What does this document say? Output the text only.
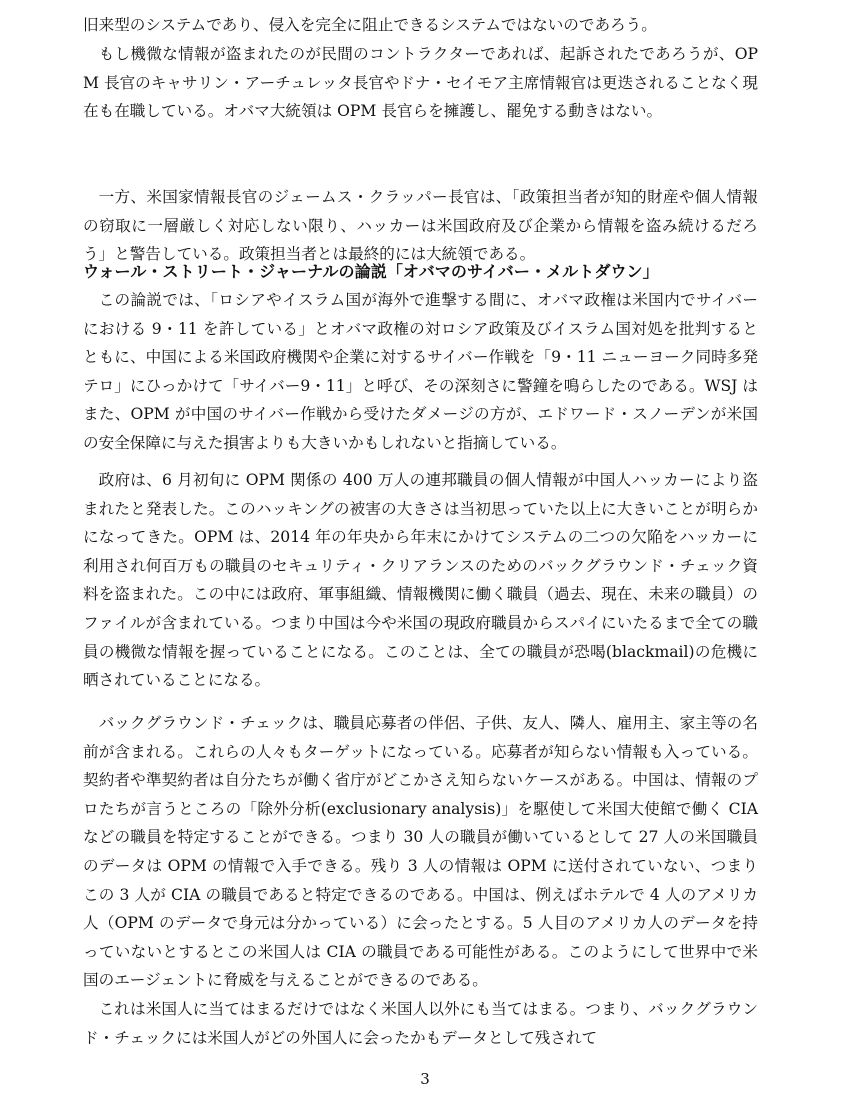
旧来型のシステムであり、侵入を完全に阻止できるシステムではないのであろう。

もし機微な情報が盗まれたのが民間のコントラクターであれば、起訴されたであろうが、OPM 長官のキャサリン・アーチュレッタ長官やドナ・セイモア主席情報官は更迭されることなく現在も在職している。オバマ大統領は OPM 長官らを擁護し、罷免する動きはない。

一方、米国家情報長官のジェームス・クラッパー長官は、「政策担当者が知的財産や個人情報の窃取に一層厳しく対応しない限り、ハッカーは米国政府及び企業から情報を盗み続けるだろう」と警告している。政策担当者とは最終的には大統領である。

ウォール・ストリート・ジャーナルの論説「オバマのサイバー・メルトダウン」

この論説では、「ロシアやイスラム国が海外で進撃する間に、オバマ政権は米国内でサイバーにおける 9・11 を許している」とオバマ政権の対ロシア政策及びイスラム国対処を批判するとともに、中国による米国政府機関や企業に対するサイバー作戦を「9・11 ニューヨーク同時多発テロ」にひっかけて「サイバー9・11」と呼び、その深刻さに警鐘を鳴らしたのである。WSJ はまた、OPM が中国のサイバー作戦から受けたダメージの方が、エドワード・スノーデンが米国の安全保障に与えた損害よりも大きいかもしれないと指摘している。

政府は、6 月初旬に OPM 関係の 400 万人の連邦職員の個人情報が中国人ハッカーにより盗まれたと発表した。このハッキングの被害の大きさは当初思っていた以上に大きいことが明らかになってきた。OPM は、2014 年の年央から年末にかけてシステムの二つの欠陥をハッカーに利用され何百万もの職員のセキュリティ・クリアランスのためのバックグラウンド・チェック資料を盗まれた。この中には政府、軍事組織、情報機関に働く職員（過去、現在、未来の職員）のファイルが含まれている。つまり中国は今や米国の現政府職員からスパイにいたるまで全ての職員の機微な情報を握っていることになる。このことは、全ての職員が恐喝(blackmail)の危機に晒されていることになる。

バックグラウンド・チェックは、職員応募者の伴侶、子供、友人、隣人、雇用主、家主等の名前が含まれる。これらの人々もターゲットになっている。応募者が知らない情報も入っている。契約者や準契約者は自分たちが働く省庁がどこかさえ知らないケースがある。中国は、情報のプロたちが言うところの「除外分析(exclusionary analysis)」を駆使して米国大使館で働く CIA などの職員を特定することができる。つまり 30 人の職員が働いているとして 27 人の米国職員のデータは OPM の情報で入手できる。残り 3 人の情報は OPM に送付されていない、つまりこの 3 人が CIA の職員であると特定できるのである。中国は、例えばホテルで 4 人のアメリカ人（OPM のデータで身元は分かっている）に会ったとする。5 人目のアメリカ人のデータを持っていないとするとこの米国人は CIA の職員である可能性がある。このようにして世界中で米国のエージェントに脅威を与えることができるのである。

これは米国人に当てはまるだけではなく米国人以外にも当てはまる。つまり、バックグラウンド・チェックには米国人がどの外国人に会ったかもデータとして残されて

3
